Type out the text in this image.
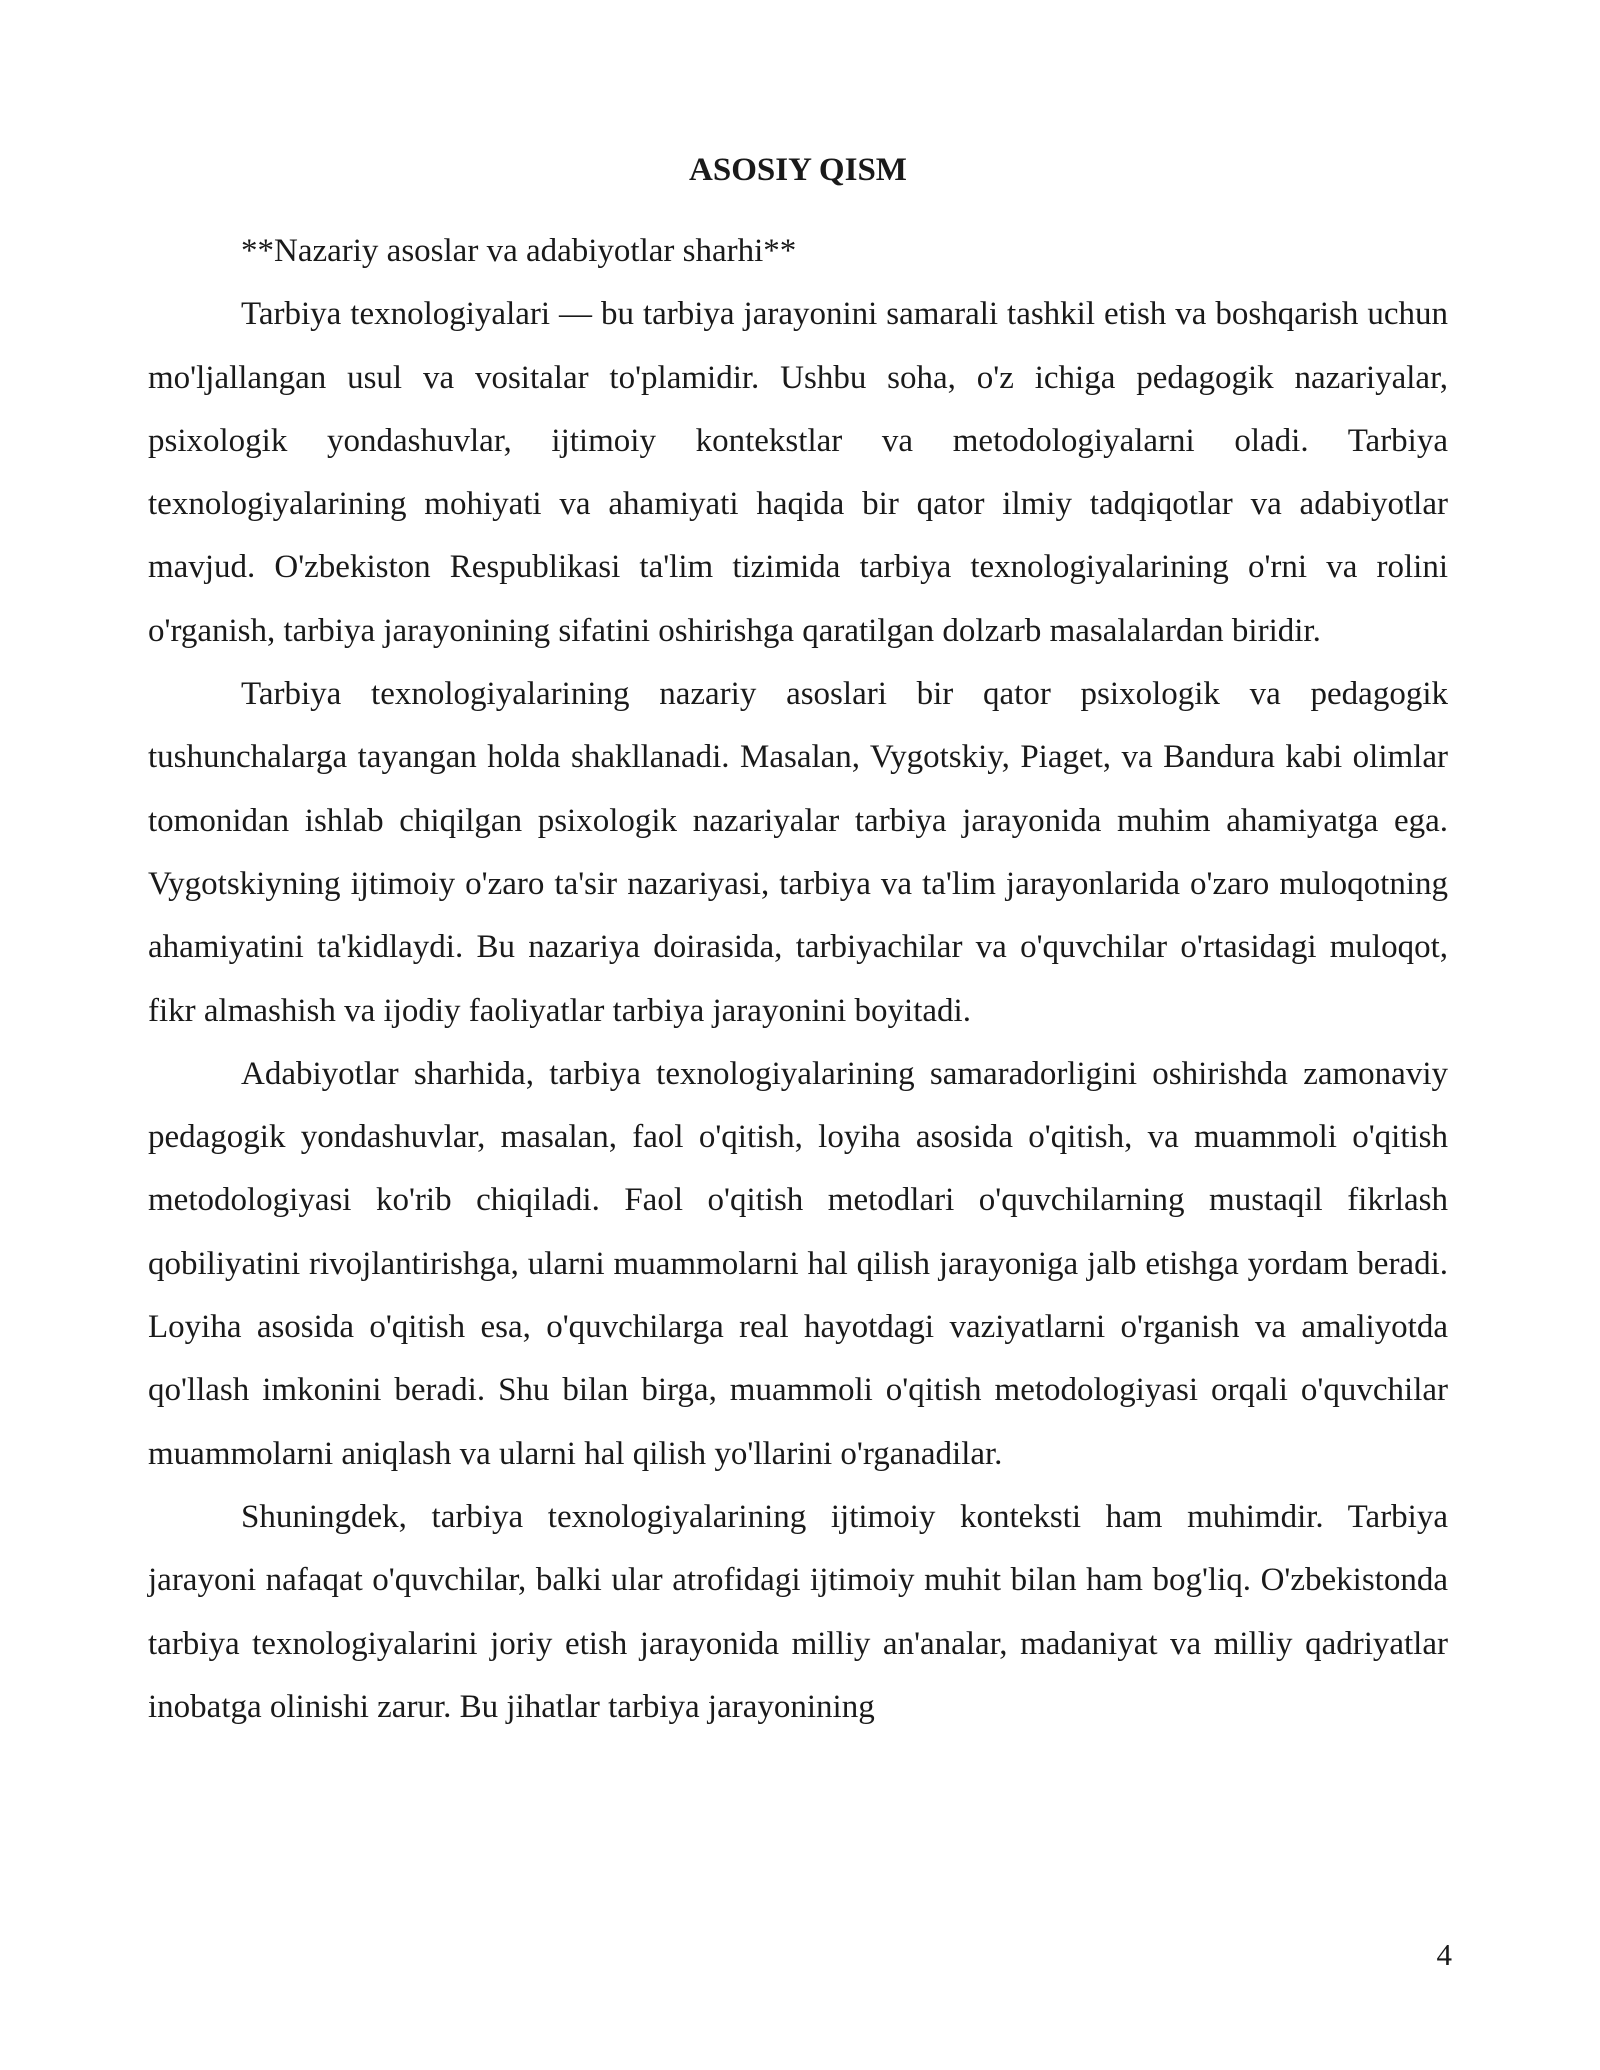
ASOSIY QISM

**Nazariy asoslar va adabiyotlar sharhi**

Tarbiya texnologiyalari — bu tarbiya jarayonini samarali tashkil etish va boshqarish uchun mo'ljallangan usul va vositalar to'plamidir. Ushbu soha, o'z ichiga pedagogik nazariyalar, psixologik yondashuvlar, ijtimoiy kontekstlar va metodologiyalarni oladi. Tarbiya texnologiyalarining mohiyati va ahamiyati haqida bir qator ilmiy tadqiqotlar va adabiyotlar mavjud. O'zbekiston Respublikasi ta'lim tizimida tarbiya texnologiyalarining o'rni va rolini o'rganish, tarbiya jarayonining sifatini oshirishga qaratilgan dolzarb masalalardan biridir.

Tarbiya texnologiyalarining nazariy asoslari bir qator psixologik va pedagogik tushunchalarga tayangan holda shakllanadi. Masalan, Vygotskiy, Piaget, va Bandura kabi olimlar tomonidan ishlab chiqilgan psixologik nazariyalar tarbiya jarayonida muhim ahamiyatga ega. Vygotskiyning ijtimoiy o'zaro ta'sir nazariyasi, tarbiya va ta'lim jarayonlarida o'zaro muloqotning ahamiyatini ta'kidlaydi. Bu nazariya doirasida, tarbiyachilar va o'quvchilar o'rtasidagi muloqot, fikr almashish va ijodiy faoliyatlar tarbiya jarayonini boyitadi.

Adabiyotlar sharhida, tarbiya texnologiyalarining samaradorligini oshirishda zamonaviy pedagogik yondashuvlar, masalan, faol o'qitish, loyiha asosida o'qitish, va muammoli o'qitish metodologiyasi ko'rib chiqiladi. Faol o'qitish metodlari o'quvchilarning mustaqil fikrlash qobiliyatini rivojlantirishga, ularni muammolarni hal qilish jarayoniga jalb etishga yordam beradi. Loyiha asosida o'qitish esa, o'quvchilarga real hayotdagi vaziyatlarni o'rganish va amaliyotda qo'llash imkonini beradi. Shu bilan birga, muammoli o'qitish metodologiyasi orqali o'quvchilar muammolarni aniqlash va ularni hal qilish yo'llarini o'rganadilar.

Shuningdek, tarbiya texnologiyalarining ijtimoiy konteksti ham muhimdir. Tarbiya jarayoni nafaqat o'quvchilar, balki ular atrofidagi ijtimoiy muhit bilan ham bog'liq. O'zbekistonda tarbiya texnologiyalarini joriy etish jarayonida milliy an'analar, madaniyat va milliy qadriyatlar inobatga olinishi zarur. Bu jihatlar tarbiya jarayonining

4
